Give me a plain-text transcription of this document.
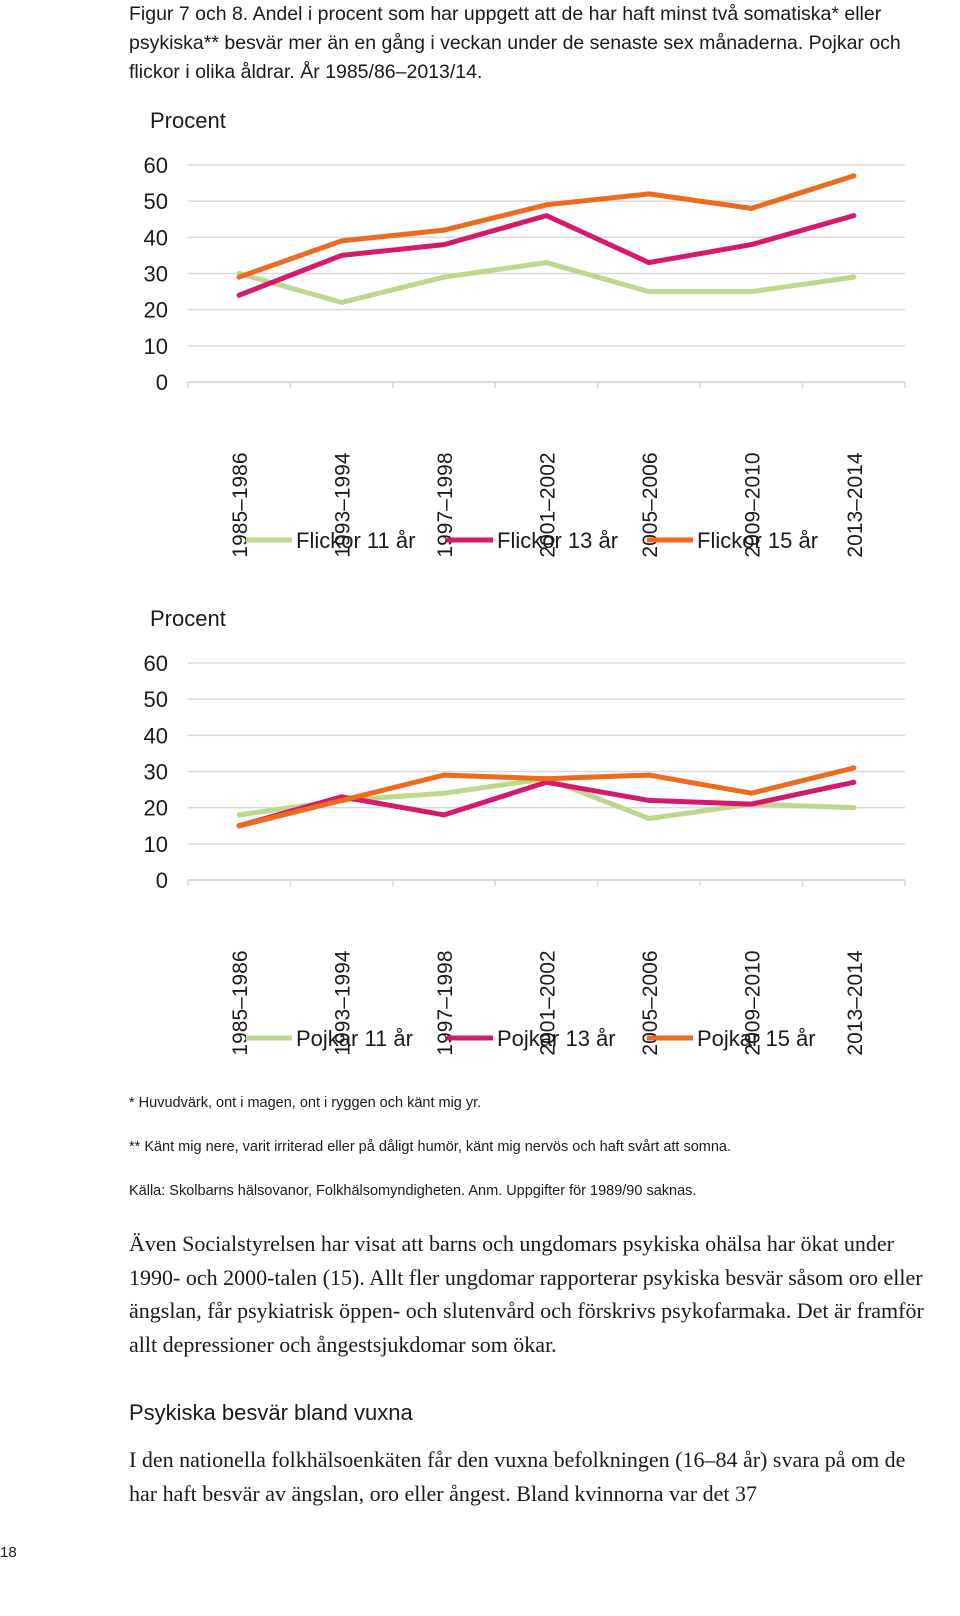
Figur 7 och 8. Andel i procent som har uppgett att de har haft minst två somatiska* eller psykiska** besvär mer än en gång i veckan under de senaste sex månaderna. Pojkar och flickor i olika åldrar. År 1985/86–2013/14.
Procent
0
10
20
30
40
50
60
1985–1986	1993–1994	1997–1998	2001–2002	2005–2006	2009–2010	2013–2014
Flickor 11 år	Flickor 13 år	Flickor 15 år
Procent
0
10
20
30
40
50
60
1985–1986	1993–1994	1997–1998	2001–2002	2005–2006	2009–2010	2013–2014
Pojkar 11 år	Pojkar 13 år	Pojkar 15 år
* Huvudvärk, ont i magen, ont i ryggen och känt mig yr.
** Känt mig nere, varit irriterad eller på dåligt humör, känt mig nervös och haft svårt att somna.
Källa: Skolbarns hälsovanor, Folkhälsomyndigheten. Anm. Uppgifter för 1989/90 saknas.
Även Socialstyrelsen har visat att barns och ungdomars psykiska ohälsa har ökat under 1990- och 2000-talen (15). Allt fler ungdomar rapporterar psykiska besvär såsom oro eller ängslan, får psykiatrisk öppen- och slutenvård och förskrivs psykofarmaka. Det är framför allt depressioner och ångestsjukdomar som ökar.
Psykiska besvär bland vuxna
I den nationella folkhälsoenkäten får den vuxna befolkningen (16–84 år) svara på om de har haft besvär av ängslan, oro eller ångest. Bland kvinnorna var det 37
18
